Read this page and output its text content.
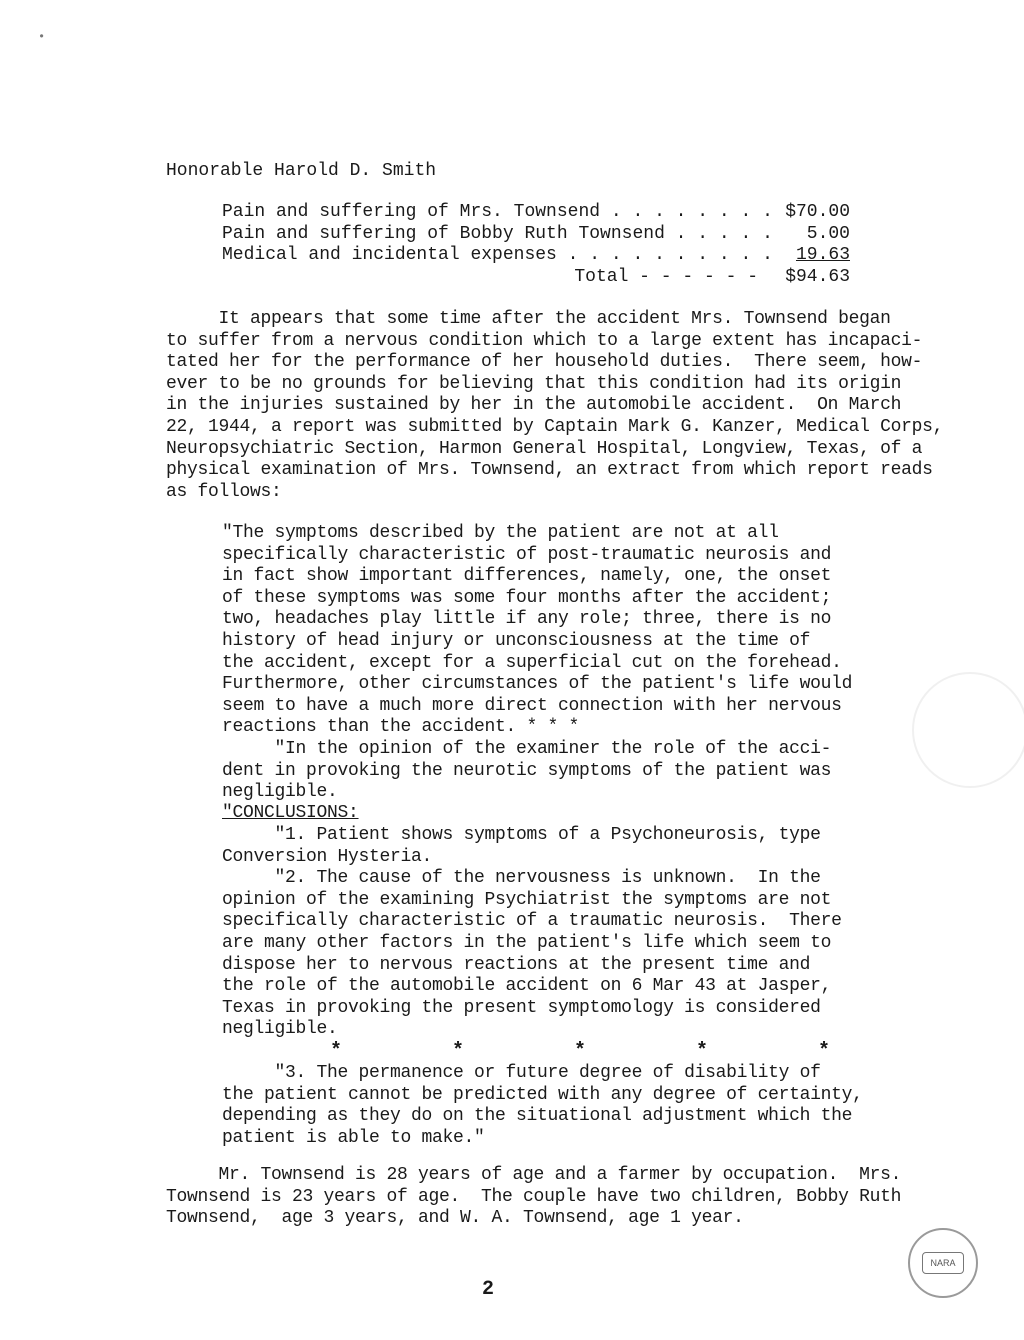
•
Honorable Harold D. Smith
Pain and suffering of Mrs. Townsend . . . . . . . . $70.00
Pain and suffering of Bobby Ruth Townsend . . . . .	5.00
Medical and incidental expenses . . . . . . . . . .	19.63
Total - - - - - -	$94.63
It appears that some time after the accident Mrs. Townsend began
to suffer from a nervous condition which to a large extent has incapaci-
tated her for the performance of her household duties.  There seem, how-
ever to be no grounds for believing that this condition had its origin
in the injuries sustained by her in the automobile accident.  On March
22, 1944, a report was submitted by Captain Mark G. Kanzer, Medical Corps,
Neuropsychiatric Section, Harmon General Hospital, Longview, Texas, of a
physical examination of Mrs. Townsend, an extract from which report reads
as follows:
"The symptoms described by the patient are not at all
specifically characteristic of post-traumatic neurosis and
in fact show important differences, namely, one, the onset
of these symptoms was some four months after the accident;
two, headaches play little if any role; three, there is no
history of head injury or unconsciousness at the time of
the accident, except for a superficial cut on the forehead.
Furthermore, other circumstances of the patient's life would
seem to have a much more direct connection with her nervous
reactions than the accident. * * *
"In the opinion of the examiner the role of the acci-
dent in provoking the neurotic symptoms of the patient was
negligible.
"CONCLUSIONS:
"1. Patient shows symptoms of a Psychoneurosis, type
Conversion Hysteria.
"2. The cause of the nervousness is unknown.  In the
opinion of the examining Psychiatrist the symptoms are not
specifically characteristic of a traumatic neurosis.  There
are many other factors in the patient's life which seem to
dispose her to nervous reactions at the present time and
the role of the automobile accident on 6 Mar 43 at Jasper,
Texas in provoking the present symptomology is considered
negligible.
*	*	*	*	*
"3. The permanence or future degree of disability of
the patient cannot be predicted with any degree of certainty,
depending as they do on the situational adjustment which the
patient is able to make."
Mr. Townsend is 28 years of age and a farmer by occupation.  Mrs.
Townsend is 23 years of age.  The couple have two children, Bobby Ruth
Townsend,  age 3 years, and W. A. Townsend, age 1 year.
2
NARA
